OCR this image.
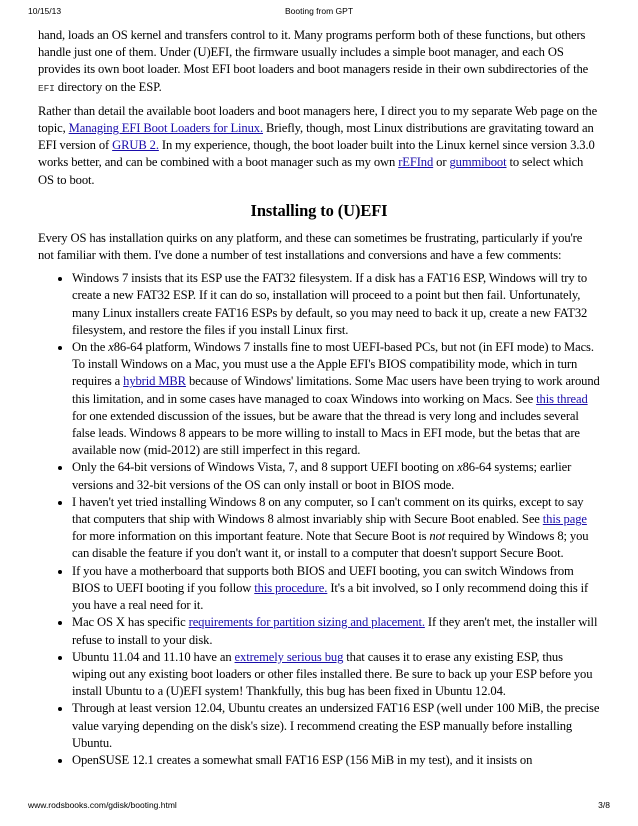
10/15/13	Booting from GPT

hand, loads an OS kernel and transfers control to it. Many programs perform both of these functions, but others handle just one of them. Under (U)EFI, the firmware usually includes a simple boot manager, and each OS provides its own boot loader. Most EFI boot loaders and boot managers reside in their own subdirectories of the EFI directory on the ESP.

Rather than detail the available boot loaders and boot managers here, I direct you to my separate Web page on the topic, Managing EFI Boot Loaders for Linux. Briefly, though, most Linux distributions are gravitating toward an EFI version of GRUB 2. In my experience, though, the boot loader built into the Linux kernel since version 3.3.0 works better, and can be combined with a boot manager such as my own rEFInd or gummiboot to select which OS to boot.

Installing to (U)EFI

Every OS has installation quirks on any platform, and these can sometimes be frustrating, particularly if you're not familiar with them. I've done a number of test installations and conversions and have a few comments:

• Windows 7 insists that its ESP use the FAT32 filesystem. If a disk has a FAT16 ESP, Windows will try to create a new FAT32 ESP. If it can do so, installation will proceed to a point but then fail. Unfortunately, many Linux installers create FAT16 ESPs by default, so you may need to back it up, create a new FAT32 filesystem, and restore the files if you install Linux first.
• On the x86-64 platform, Windows 7 installs fine to most UEFI-based PCs, but not (in EFI mode) to Macs. To install Windows on a Mac, you must use a the Apple EFI's BIOS compatibility mode, which in turn requires a hybrid MBR because of Windows' limitations. Some Mac users have been trying to work around this limitation, and in some cases have managed to coax Windows into working on Macs. See this thread for one extended discussion of the issues, but be aware that the thread is very long and includes several false leads. Windows 8 appears to be more willing to install to Macs in EFI mode, but the betas that are available now (mid-2012) are still imperfect in this regard.
• Only the 64-bit versions of Windows Vista, 7, and 8 support UEFI booting on x86-64 systems; earlier versions and 32-bit versions of the OS can only install or boot in BIOS mode.
• I haven't yet tried installing Windows 8 on any computer, so I can't comment on its quirks, except to say that computers that ship with Windows 8 almost invariably ship with Secure Boot enabled. See this page for more information on this important feature. Note that Secure Boot is not required by Windows 8; you can disable the feature if you don't want it, or install to a computer that doesn't support Secure Boot.
• If you have a motherboard that supports both BIOS and UEFI booting, you can switch Windows from BIOS to UEFI booting if you follow this procedure. It's a bit involved, so I only recommend doing this if you have a real need for it.
• Mac OS X has specific requirements for partition sizing and placement. If they aren't met, the installer will refuse to install to your disk.
• Ubuntu 11.04 and 11.10 have an extremely serious bug that causes it to erase any existing ESP, thus wiping out any existing boot loaders or other files installed there. Be sure to back up your ESP before you install Ubuntu to a (U)EFI system! Thankfully, this bug has been fixed in Ubuntu 12.04.
• Through at least version 12.04, Ubuntu creates an undersized FAT16 ESP (well under 100 MiB, the precise value varying depending on the disk's size). I recommend creating the ESP manually before installing Ubuntu.
• OpenSUSE 12.1 creates a somewhat small FAT16 ESP (156 MiB in my test), and it insists on
www.rodsbooks.com/gdisk/booting.html	3/8
